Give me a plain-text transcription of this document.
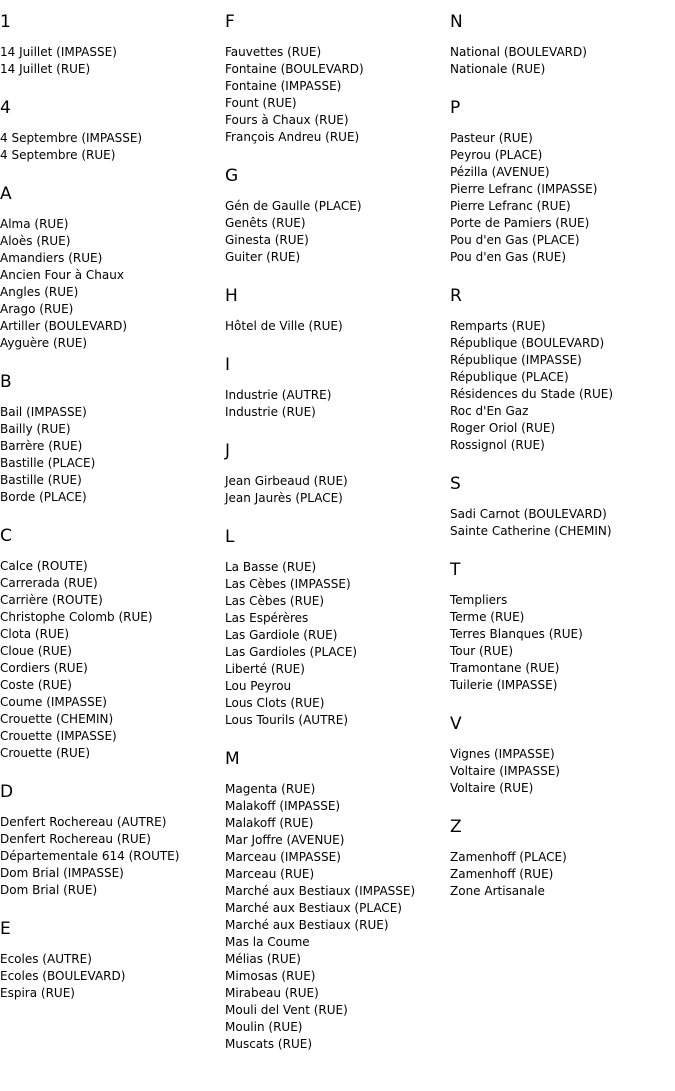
1
14 Juillet (IMPASSE)
14 Juillet (RUE)
4
4 Septembre (IMPASSE)
4 Septembre (RUE)
A
Alma (RUE)
Aloès (RUE)
Amandiers (RUE)
Ancien Four à Chaux
Angles (RUE)
Arago (RUE)
Artiller (BOULEVARD)
Ayguère (RUE)
B
Bail (IMPASSE)
Bailly (RUE)
Barrère (RUE)
Bastille (PLACE)
Bastille (RUE)
Borde (PLACE)
C
Calce (ROUTE)
Carrerada (RUE)
Carrière (ROUTE)
Christophe Colomb (RUE)
Clota (RUE)
Cloue (RUE)
Cordiers (RUE)
Coste (RUE)
Coume (IMPASSE)
Crouette (CHEMIN)
Crouette (IMPASSE)
Crouette (RUE)
D
Denfert Rochereau (AUTRE)
Denfert Rochereau (RUE)
Départementale 614 (ROUTE)
Dom Brial (IMPASSE)
Dom Brial (RUE)
E
Ecoles (AUTRE)
Ecoles (BOULEVARD)
Espira (RUE)
F
Fauvettes (RUE)
Fontaine (BOULEVARD)
Fontaine (IMPASSE)
Fount (RUE)
Fours à Chaux (RUE)
François Andreu (RUE)
G
Gén de Gaulle (PLACE)
Genêts (RUE)
Ginesta (RUE)
Guiter (RUE)
H
Hôtel de Ville (RUE)
I
Industrie (AUTRE)
Industrie (RUE)
J
Jean Girbeaud (RUE)
Jean Jaurès (PLACE)
L
La Basse (RUE)
Las Cèbes (IMPASSE)
Las Cèbes (RUE)
Las Espérères
Las Gardiole (RUE)
Las Gardioles (PLACE)
Liberté (RUE)
Lou Peyrou
Lous Clots (RUE)
Lous Tourils (AUTRE)
M
Magenta (RUE)
Malakoff (IMPASSE)
Malakoff (RUE)
Mar Joffre (AVENUE)
Marceau (IMPASSE)
Marceau (RUE)
Marché aux Bestiaux (IMPASSE)
Marché aux Bestiaux (PLACE)
Marché aux Bestiaux (RUE)
Mas la Coume
Mélias (RUE)
Mimosas (RUE)
Mirabeau (RUE)
Mouli del Vent (RUE)
Moulin (RUE)
Muscats (RUE)
N
National (BOULEVARD)
Nationale (RUE)
P
Pasteur (RUE)
Peyrou (PLACE)
Pézilla (AVENUE)
Pierre Lefranc (IMPASSE)
Pierre Lefranc (RUE)
Porte de Pamiers (RUE)
Pou d'en Gas (PLACE)
Pou d'en Gas (RUE)
R
Remparts (RUE)
République (BOULEVARD)
République (IMPASSE)
République (PLACE)
Résidences du Stade (RUE)
Roc d'En Gaz
Roger Oriol (RUE)
Rossignol (RUE)
S
Sadi Carnot (BOULEVARD)
Sainte Catherine (CHEMIN)
T
Templiers
Terme (RUE)
Terres Blanques (RUE)
Tour (RUE)
Tramontane (RUE)
Tuilerie (IMPASSE)
V
Vignes (IMPASSE)
Voltaire (IMPASSE)
Voltaire (RUE)
Z
Zamenhoff (PLACE)
Zamenhoff (RUE)
Zone Artisanale
